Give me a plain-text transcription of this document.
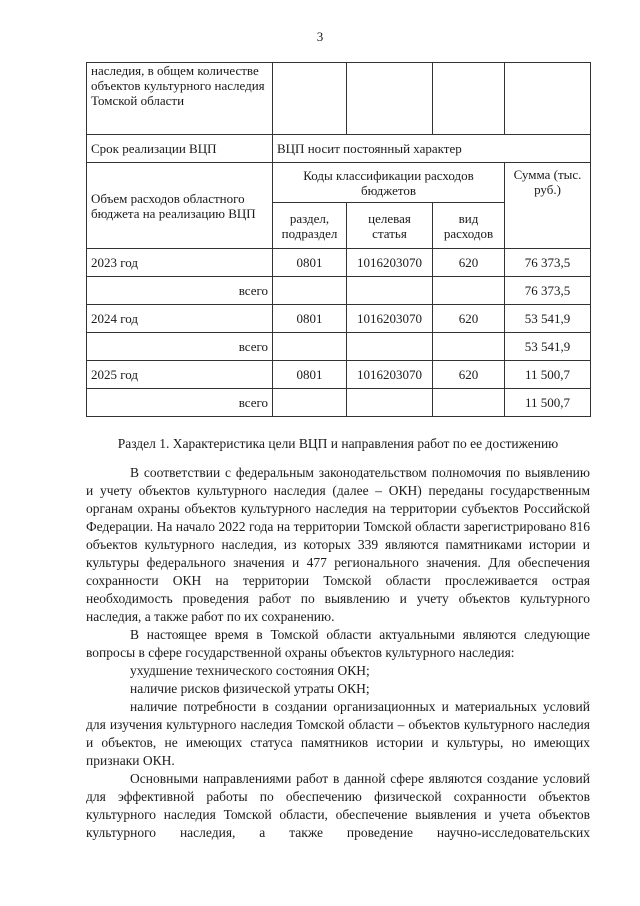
3
наследия, в общем количестве объектов культурного наследия Томской области				
Срок реализации ВЦП	ВЦП носит постоянный характер			
Объем расходов областного бюджета на реализацию ВЦП	Коды классификации расходов бюджетов			Сумма (тыс. руб.)
	раздел, подраздел	целевая статья	вид расходов	
2023 год	0801	1016203070	620	76 373,5
всего				76 373,5
2024 год	0801	1016203070	620	53 541,9
всего				53 541,9
2025 год	0801	1016203070	620	11 500,7
всего				11 500,7
Раздел 1. Характеристика цели ВЦП и направления работ по ее достижению

В соответствии с федеральным законодательством полномочия по выявлению и учету объектов культурного наследия (далее – ОКН) переданы государственным органам охраны объектов культурного наследия на территории субъектов Российской Федерации. На начало 2022 года на территории Томской области зарегистрировано 816 объектов культурного наследия, из которых 339 являются памятниками истории и культуры федерального значения и 477 регионального значения. Для обеспечения сохранности ОКН на территории Томской области прослеживается острая необходимость проведения работ по выявлению и учету объектов культурного наследия, а также работ по их сохранению.

В настоящее время в Томской области актуальными являются следующие вопросы в сфере государственной охраны объектов культурного наследия:

ухудшение технического состояния ОКН;

наличие рисков физической утраты ОКН;

наличие потребности в создании организационных и материальных условий для изучения культурного наследия Томской области – объектов культурного наследия и объектов, не имеющих статуса памятников истории и культуры, но имеющих признаки ОКН.

Основными направлениями работ в данной сфере являются создание условий для эффективной работы по обеспечению физической сохранности объектов культурного наследия Томской области, обеспечение выявления и учета объектов культурного наследия, а также проведение научно-исследовательских
